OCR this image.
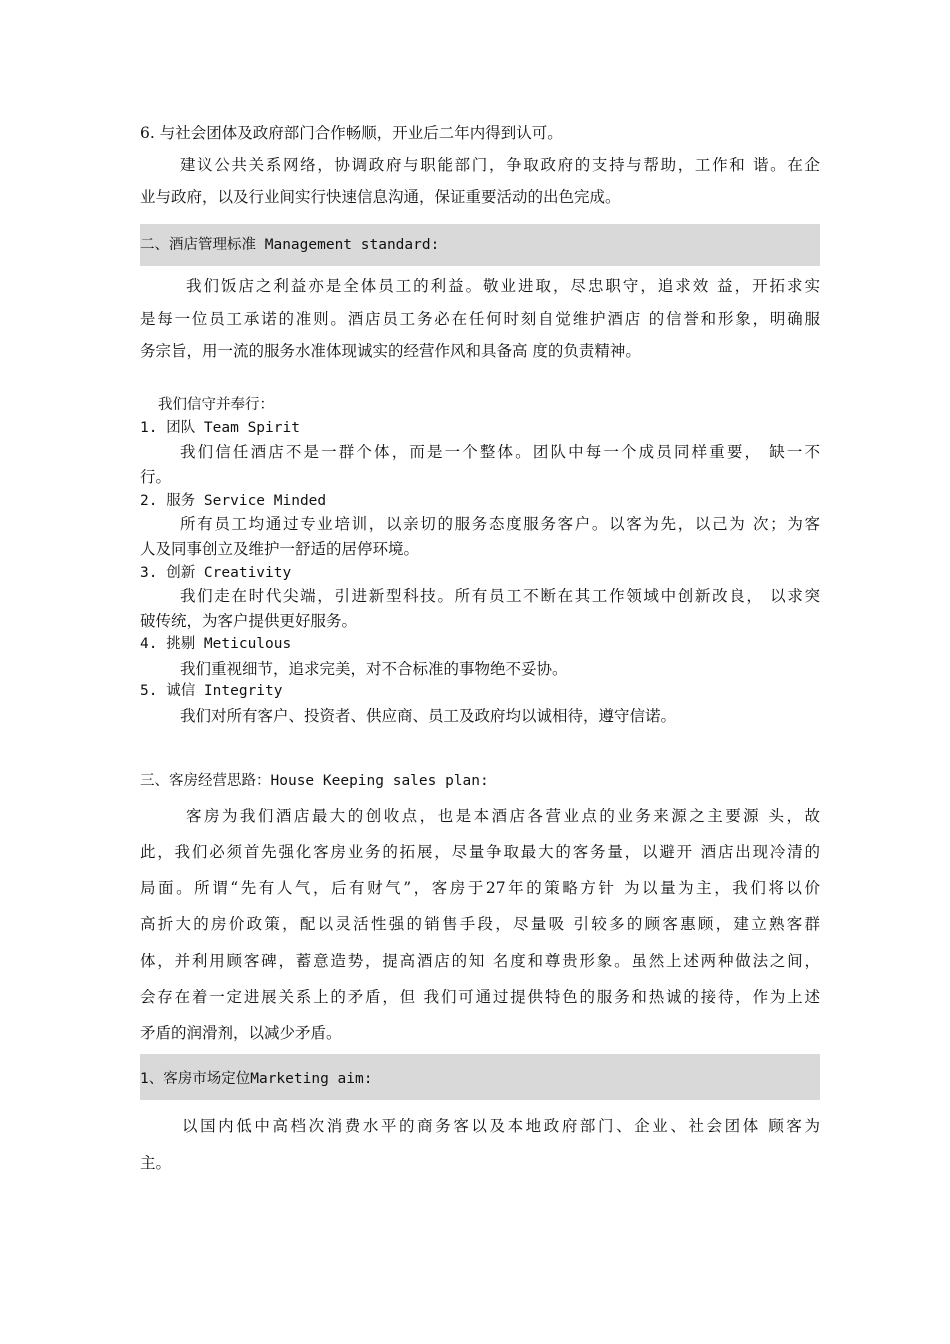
6. 与社会团体及政府部门合作畅顺，开业后二年内得到认可。
建议公共关系网络，协调政府与职能部门，争取政府的支持与帮助，工作和 谐。在企
业与政府，以及行业间实行快速信息沟通，保证重要活动的出色完成。
二、酒店管理标准 Management standard:
我们饭店之利益亦是全体员工的利益。敬业进取，尽忠职守，追求效 益，开拓求实
是每一位员工承诺的准则。酒店员工务必在任何时刻自觉维护酒店 的信誉和形象，明确服
务宗旨，用一流的服务水准体现诚实的经营作风和具备高 度的负责精神。
我们信守并奉行：
1. 团队 Team Spirit
我们信任酒店不是一群个体，而是一个整体。团队中每一个成员同样重要， 缺一不
行。
2. 服务 Service Minded
所有员工均通过专业培训，以亲切的服务态度服务客户。以客为先，以己为 次；为客
人及同事创立及维护一舒适的居停环境。
3. 创新 Creativity
我们走在时代尖端，引进新型科技。所有员工不断在其工作领域中创新改良， 以求突
破传统，为客户提供更好服务。
4. 挑剔 Meticulous
我们重视细节，追求完美，对不合标准的事物绝不妥协。
5. 诚信 Integrity
我们对所有客户、投资者、供应商、员工及政府均以诚相待，遵守信诺。
三、客房经营思路：House Keeping sales plan:
客房为我们酒店最大的创收点，也是本酒店各营业点的业务来源之主要源 头，故
此，我们必须首先强化客房业务的拓展，尽量争取最大的客务量，以避开 酒店出现冷清的
局面。所谓“先有人气，后有财气”，客房于27年的策略方针 为以量为主，我们将以价
高折大的房价政策，配以灵活性强的销售手段，尽量吸 引较多的顾客惠顾，建立熟客群
体，并利用顾客碑，蓄意造势，提高酒店的知 名度和尊贵形象。虽然上述两种做法之间，
会存在着一定进展关系上的矛盾，但 我们可通过提供特色的服务和热诚的接待，作为上述
矛盾的润滑剂，以减少矛盾。
1、客房市场定位Marketing aim:
以国内低中高档次消费水平的商务客以及本地政府部门、企业、社会团体 顾客为
主。
